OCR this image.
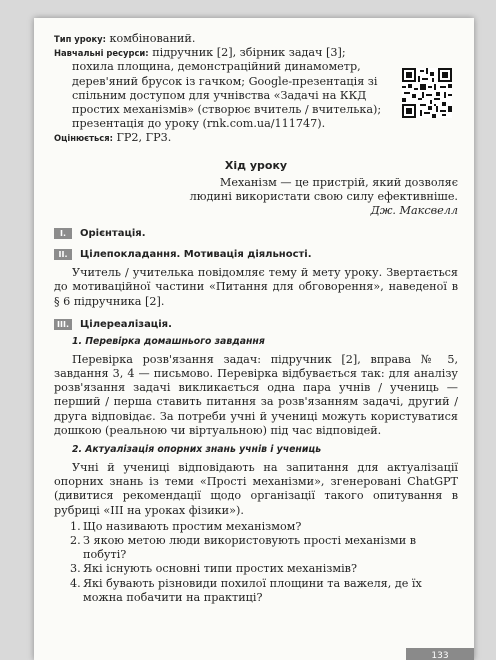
Тип уроку: комбінований.

Навчальні ресурси: підручник [2], збірник задач [3]; похила площина, демонстраційний динамометр, дерев'яний брусок із гачком; Google-презентація зі спільним доступом для учнівства «Задачі на ККД простих механізмів» (створює вчитель / вчителька); презентація до уроку (rnk.com.ua/111747).

Оцінюється: ГР2, ГР3.

Хід уроку

Механізм — це пристрій, який дозволяє

людині використати свою силу ефективніше.

Дж. Максвелл

I.	Орієнтація.
II.	Цілепокладання. Мотивація діяльності.

Учитель / учителька повідомляє тему й мету уроку. Звертається до мотиваційної частини «Питання для обговорення», наведеної в § 6 підручника [2].

III.	Цілереалізація.
1. Перевірка домашнього завдання

Перевірка розв'язання задач: підручник [2], вправа № 5, завдання 3, 4 — письмово. Перевірка відбувається так: для аналізу розв'язання задачі викликається одна пара учнів / учениць — перший / перша ставить питання за розв'язанням задачі, другий / друга відповідає. За потреби учні й учениці можуть користуватися дошкою (реальною чи віртуальною) під час відповідей.

2. Актуалізація опорних знань учнів і учениць

Учні й учениці відповідають на запитання для актуалізації опорних знань із теми «Прості механізми», згенеровані ChatGPT (дивитися рекомендації щодо організації такого опитування в рубриці «ІІІ на уроках фізики»).

1. Що називають простим механізмом?
2. З якою метою люди використовують прості механізми в побуті?
3. Які існують основні типи простих механізмів?
4. Які бувають різновиди похилої площини та важеля, де їх можна побачити на практиці?
133
